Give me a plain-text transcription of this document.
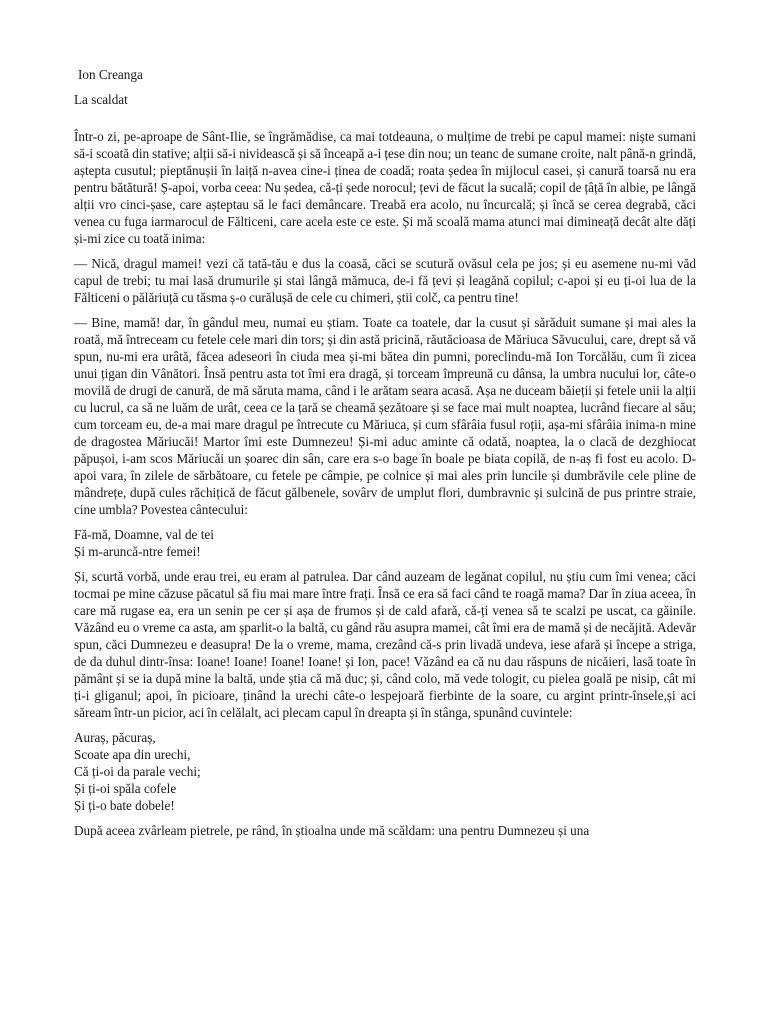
Ion Creanga
La scaldat

Într-o zi, pe-aproape de Sânt-Ilie, se îngrămădise, ca mai totdeauna, o mulțime de trebi pe capul mamei: niște sumani să-i scoată din stative; alții să-i nividească și să înceapă a-i țese din nou; un teanc de sumane croite, nalt până-n grindă, aștepta cusutul; pieptănușii în laiță n-avea cine-i ținea de coadă; roata ședea în mijlocul casei, și canură toarsă nu era pentru bătătură! Ș-apoi, vorba ceea: Nu ședea, că-ți șede norocul; țevi de făcut la sucală; copil de țâță în albie, pe lângă alții vro cinci-șase, care așteptau să le faci demâncare. Treabă era acolo, nu încurcală; și încă se cerea degrabă, căci venea cu fuga iarmarocul de Fălticeni, care acela este ce este. Și mă scoală mama atunci mai dimineață decât alte dăți și-mi zice cu toată inima:

— Nică, dragul mamei! vezi că tată-tău e dus la coasă, căci se scutură ovăsul cela pe jos; și eu asemene nu-mi văd capul de trebi; tu mai lasă drumurile și stai lângă mămuca, de-i fă țevi și leagănă copilul; c-apoi și eu ți-oi lua de la Fălticeni o pălăriuță cu tăsma ș-o curălușă de cele cu chimeri, știi colč, ca pentru tine!

— Bine, mamă! dar, în gândul meu, numai eu știam. Toate ca toatele, dar la cusut și sărăduit sumane și mai ales la roată, mă întreceam cu fetele cele mari din tors; și din astă pricină, răutăcioasa de Măriuca Săvucului, care, drept să vă spun, nu-mi era urâtă, făcea adeseori în ciuda mea și-mi bătea din pumni, poreclindu-mă Ion Torcălău, cum îi zicea unui țigan din Vânători. Însă pentru asta tot îmi era dragă, și torceam împreună cu dânsa, la umbra nucului lor, câte-o movilă de drugi de canură, de mă săruta mama, când i le arătam seara acasă. Așa ne duceam băieții și fetele unii la alții cu lucrul, ca să ne luăm de urât, ceea ce la țară se cheamă șezătoare și se face mai mult noaptea, lucrând fiecare al său; cum torceam eu, de-a mai mare dragul pe întrecute cu Măriuca, și cum sfârâia fusul roții, așa-mi sfârâia inima-n mine de dragostea Măriucăi! Martor îmi este Dumnezeu! Și-mi aduc aminte că odată, noaptea, la o clacă de dezghiocat păpușoi, i-am scos Măriucăi un șoarec din sân, care era s-o bage în boale pe biata copilă, de n-aș fi fost eu acolo. D-apoi vara, în zilele de sărbătoare, cu fetele pe câmpie, pe colnice și mai ales prin luncile și dumbrăvile cele pline de mândrețe, după cules răchițică de făcut gălbenele, sovârv de umplut flori, dumbravnic și sulcină de pus printre straie, cine umbla? Povestea cântecului:

Fă-mă, Doamne, val de tei
Și m-aruncă-ntre femei!

Și, scurtă vorbă, unde erau trei, eu eram al patrulea. Dar când auzeam de legănat copilul, nu știu cum îmi venea; căci tocmai pe mine căzuse păcatul să fiu mai mare între frați. Însă ce era să faci când te roagă mama? Dar în ziua aceea, în care mă rugase ea, era un senin pe cer și așa de frumos și de cald afară, că-ți venea să te scalzi pe uscat, ca găinile. Văzând eu o vreme ca asta, am șparlit-o la baltă, cu gând rău asupra mamei, cât îmi era de mamă și de necăjită. Adevăr spun, căci Dumnezeu e deasupra! De la o vreme, mama, crezând că-s prin livadă undeva, iese afară și începe a striga, de da duhul dintr-însa: Ioane! Ioane! Ioane! Ioane! și Ion, pace! Văzând ea că nu dau răspuns de nicăieri, lasă toate în pământ și se ia după mine la baltă, unde știa că mă duc; și, când colo, mă vede tologit, cu pielea goală pe nisip, cât mi ți-i gliganul; apoi, în picioare, ținând la urechi câte-o lespejoară fierbinte de la soare, cu argint printr-însele,și aci săream într-un picior, aci în celălalt, aci plecam capul în dreapta și în stânga, spunând cuvintele:

Auraș, păcuraș,
Scoate apa din urechi,
Că ți-oi da parale vechi;
Și ți-oi spăla cofele
Și ți-o bate dobele!
După aceea zvârleam pietrele, pe rând, în știoalna unde mă scăldam: una pentru Dumnezeu și una
